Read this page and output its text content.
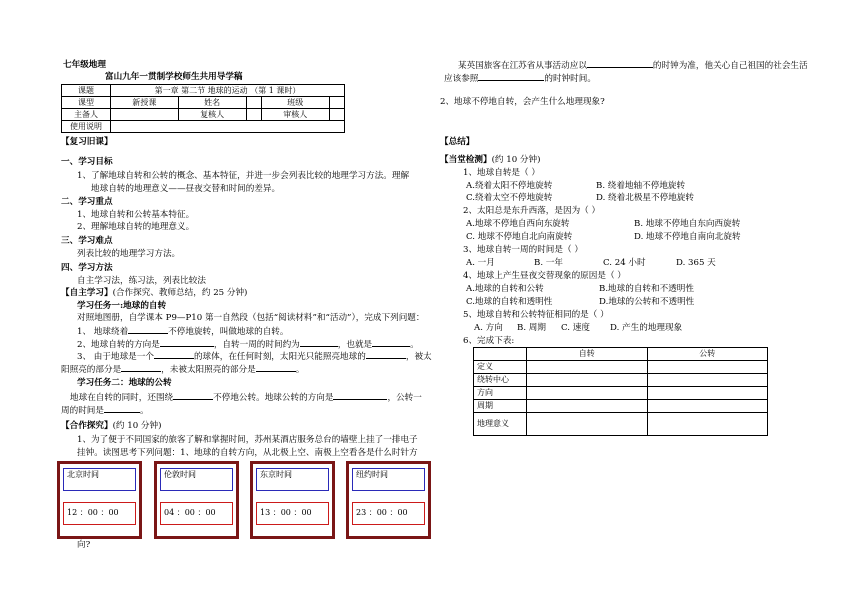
七年级地理
富山九年一贯制学校师生共用导学稿
课题	第一章 第二节 地球的运动 （第 1 课时）				
课型	新授课	姓名		班级	
主备人		复核人		审核人	
使用说明					
【复习旧课】
一、学习目标
1、了解地球自转和公转的概念、基本特征，并进一步会列表比较的地理学习方法。理解
地球自转的地理意义——昼夜交替和时间的差异。
二、学习重点
1、地球自转和公转基本特征。
2、理解地球自转的地理意义。
三、学习难点
列表比较的地理学习方法。
四、学习方法
自主学习法，练习法，列表比较法
【自主学习】(合作探究、教师总结，约 25 分钟)
学习任务一:地球的自转
对照地图册，自学课本 P9—P10 第一自然段（包括“阅读材料”和“活动”），完成下列问题：
1、 地球绕着	不停地旋转，叫做地球的自转。
2、地球自转的方向是	，自转一周的时间约为	，也就是	。
3、 由于地球是一个	的球体，在任何时刻，太阳光只能照亮地球的	，被太
阳照亮的部分是	，未被太阳照亮的部分是	。
学习任务二：地球的公转
地球在自转的同时，还围绕	不停地公转。地球公转的方向是	，公转一
周的时间是	。
【合作探究】(约 10 分钟)
1、为了便于不同国家的旅客了解和掌握时间，苏州某酒店服务总台的墙壁上挂了一排电子
挂钟。读图思考下列问题：1、地球的自转方向，从北极上空、南极上空看各是什么时针方
北京时间
12 ：00 ：00
伦敦时间
04 ：00 ：00
东京时间
13 ：00 ：00
纽约时间
23 ：00 ：00
向?
某英国旅客在江苏省从事活动应以	的时钟为准，他关心自己祖国的社会生活
应该参照	的时钟时间。
2、地球不停地自转，会产生什么地理现象?
【总结】
【当堂检测】(约 10 分钟)
1、地球自转是（ ）
A.绕着太阳不停地旋转	B. 绕着地轴不停地旋转
C.绕着太空不停地旋转	D. 绕着北极星不停地旋转
2、太阳总是东升西落，是因为（ ）
A.地球不停地自西向东旋转	B. 地球不停地自东向西旋转
C. 地球不停地自北向南旋转	D. 地球不停地自南向北旋转
3、地球自转一周的时间是（ ）
A. 一月	B. 一年	C. 24 小时	D. 365 天
4、地球上产生昼夜交替现象的原因是（ ）
A.地球的自转和公转	B.地球的自转和不透明性
C.地球的自转和透明性	D.地球的公转和不透明性
5、地球自转和公转特征相同的是（ ）
A. 方向 B. 周期 C. 速度 D. 产生的地理现象
6、完成下表:
	自转	公转
定义		
绕转中心		
方向		
周期		
地理意义		
